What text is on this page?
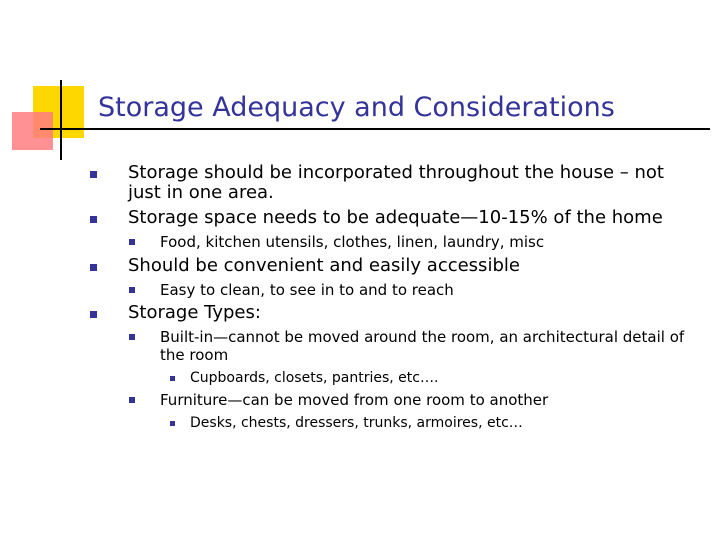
Storage Adequacy and Considerations

Storage should be incorporated throughout the house – not just in one area.

Storage space needs to be adequate—10-15% of the home

Food, kitchen utensils, clothes, linen, laundry, misc

Should be convenient and easily accessible

Easy to clean, to see in to and to reach

Storage Types:

Built-in—cannot be moved around the room, an architectural detail of the room

Cupboards, closets, pantries, etc….

Furniture—can be moved from one room to another

Desks, chests, dressers, trunks, armoires, etc…
